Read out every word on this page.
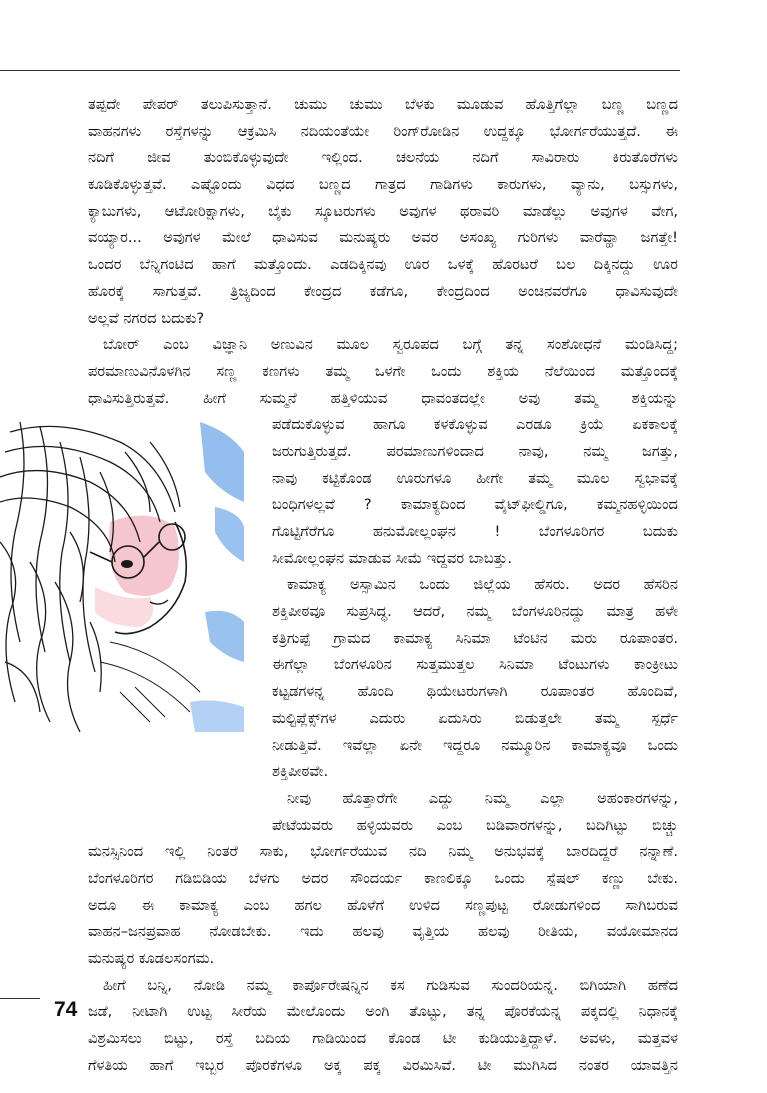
ತಪ್ಪದೇ ಪೇಪರ್ ತಲುಪಿಸುತ್ತಾನೆ. ಚುಮು ಚುಮು ಬೆಳಕು ಮೂಡುವ ಹೊತ್ತಿಗೆಲ್ಲಾ ಬಣ್ಣ ಬಣ್ಣದ
ವಾಹನಗಳು ರಸ್ತೆಗಳನ್ನು ಆಕ್ರಮಿಸಿ ನದಿಯಂತೆಯೇ ರಿಂಗ್‌ರೋಡಿನ ಉದ್ದಕ್ಕೂ ಭೋರ್ಗರೆಯುತ್ತದೆ. ಈ
ನದಿಗೆ ಜೀವ ತುಂಬಿಕೊಳ್ಳುವುದೇ ಇಲ್ಲಿಂದ. ಚಲನೆಯ ನದಿಗೆ ಸಾವಿರಾರು ಕಿರುತೊರೆಗಳು
ಕೂಡಿಕೊಳ್ಳುತ್ತವೆ. ಎಷ್ಟೊಂದು ವಿಧದ ಬಣ್ಣದ ಗಾತ್ರದ ಗಾಡಿಗಳು ಕಾರುಗಳು, ವ್ಯಾನು, ಬಸ್ಸುಗಳು,
ಕ್ಯಾಬುಗಳು, ಆಟೋರಿಕ್ಷಾಗಳು, ಬೈಕು ಸ್ಕೂಟರುಗಳು ಅವುಗಳ ಥರಾವರಿ ಮಾಡೆಲ್ಲು ಅವುಗಳ ವೇಗ,
ವಯ್ಯಾರ... ಅವುಗಳ ಮೇಲೆ ಧಾವಿಸುವ ಮನುಷ್ಯರು ಅವರ ಅಸಂಖ್ಯ ಗುರಿಗಳು ವಾರೆವ್ಹಾ ಜಗತ್ತೇ!
ಒಂದರ ಬೆನ್ನಿಗಂಟಿದ ಹಾಗೆ ಮತ್ತೊಂದು. ಎಡದಿಕ್ಕಿನವು ಊರ ಒಳಕ್ಕೆ ಹೊರಟರೆ ಬಲ ದಿಕ್ಕಿನದ್ದು ಊರ
ಹೊರಕ್ಕೆ ಸಾಗುತ್ತವೆ. ತ್ರಿಜ್ಯದಿಂದ ಕೇಂದ್ರದ ಕಡೆಗೂ, ಕೇಂದ್ರದಿಂದ ಅಂಚಿನವರೆಗೂ ಧಾವಿಸುವುದೇ
ಅಲ್ಲವೆ ನಗರದ ಬದುಕು?
ಬೋರ್ ಎಂಬ ವಿಜ್ಞಾನಿ ಅಣುವಿನ ಮೂಲ ಸ್ವರೂಪದ ಬಗ್ಗೆ ತನ್ನ ಸಂಶೋಧನೆ ಮಂಡಿಸಿದ್ದ;
ಪರಮಾಣುವಿನೊಳಗಿನ ಸಣ್ಣ ಕಣಗಳು ತಮ್ಮ ಒಳಗೇ ಒಂದು ಶಕ್ತಿಯ ನೆಲೆಯಿಂದ ಮತ್ತೊಂದಕ್ಕೆ
ಧಾವಿಸುತ್ತಿರುತ್ತವೆ. ಹೀಗೆ ಸುಮ್ಮನೆ ಹತ್ತಿಳಿಯುವ ಧಾವಂತದಲ್ಲೇ ಅವು ತಮ್ಮ ಶಕ್ತಿಯನ್ನು
ಪಡೆದುಕೊಳ್ಳುವ ಹಾಗೂ ಕಳಕೊಳ್ಳುವ ಎರಡೂ ಕ್ರಿಯೆ ಏಕಕಾಲಕ್ಕೆ
ಜರುಗುತ್ತಿರುತ್ತದೆ. ಪರಮಾಣುಗಳಿಂದಾದ ನಾವು, ನಮ್ಮ ಜಗತ್ತು,
ನಾವು ಕಟ್ಟಿಕೊಂಡ ಊರುಗಳೂ ಹೀಗೇ ತಮ್ಮ ಮೂಲ ಸ್ವಭಾವಕ್ಕೆ
ಬಂಧಿಗಳಲ್ಲವೆ ? ಕಾಮಾಕ್ಯದಿಂದ ವೈಟ್‌ಫೀಲ್ಡಿಗೂ, ಕಮ್ಮನಹಳ್ಳಿಯಿಂದ
ಗೊಟ್ಟಿಗೆರೆಗೂ ಹನುಮೋಲ್ಲಂಘನ ! ಬೆಂಗಳೂರಿಗರ ಬದುಕು
ಸೀಮೋಲ್ಲಂಘನ ಮಾಡುವ ಸೀಮೆ ಇದ್ದವರ ಬಾಬತ್ತು.
ಕಾಮಾಕ್ಯ ಅಸ್ಸಾಮಿನ ಒಂದು ಜಿಲ್ಲೆಯ ಹೆಸರು. ಅದರ ಹೆಸರಿನ
ಶಕ್ತಿಪೀಠವೂ ಸುಪ್ರಸಿದ್ಧ. ಆದರೆ, ನಮ್ಮ ಬೆಂಗಳೂರಿನದ್ದು ಮಾತ್ರ ಹಳೇ
ಕತ್ರಿಗುಪ್ಪೆ ಗ್ರಾಮದ ಕಾಮಾಕ್ಯ ಸಿನಿಮಾ ಟೆಂಟಿನ ಮರು ರೂಪಾಂತರ.
ಈಗೆಲ್ಲಾ ಬೆಂಗಳೂರಿನ ಸುತ್ತಮುತ್ತಲ ಸಿನಿಮಾ ಟೆಂಟುಗಳು ಕಾಂಕ್ರೀಟು
ಕಟ್ಟಡಗಳನ್ನ ಹೊಂದಿ ಥಿಯೇಟರುಗಳಾಗಿ ರೂಪಾಂತರ ಹೊಂದಿವೆ,
ಮಲ್ಟಿಪ್ಲೆಕ್ಸ್‌ಗಳ ಎದುರು ಏದುಸಿರು ಬಿಡುತ್ತಲೇ ತಮ್ಮ ಸ್ಪರ್ಧೆ
ನೀಡುತ್ತಿವೆ. ಇವೆಲ್ಲಾ ಏನೇ ಇದ್ದರೂ ನಮ್ಮೂರಿನ ಕಾಮಾಕ್ಯವೂ ಒಂದು
ಶಕ್ತಿಪೀಠವೇ.
ನೀವು ಹೊತ್ತಾರೆಗೇ ಎದ್ದು ನಿಮ್ಮ ಎಲ್ಲಾ ಅಹಂಕಾರಗಳನ್ನು,
ಪೇಟೆಯವರು ಹಳ್ಳಿಯವರು ಎಂಬ ಬಡಿವಾರಗಳನ್ನು, ಬದಿಗಿಟ್ಟು ಬಿಚ್ಚು
ಮನಸ್ಸಿನಿಂದ ಇಲ್ಲಿ ನಿಂತರೆ ಸಾಕು, ಭೋರ್ಗರೆಯುವ ನದಿ ನಿಮ್ಮ ಅನುಭವಕ್ಕೆ ಬಾರದಿದ್ದರೆ ನನ್ನಾಣೆ.
ಬೆಂಗಳೂರಿಗರ ಗಡಿಬಿಡಿಯ ಬೆಳಗು ಅದರ ಸೌಂದರ್ಯ ಕಾಣಲಿಕ್ಕೂ ಒಂದು ಸ್ಪೆಷಲ್ ಕಣ್ಣು ಬೇಕು.
ಅದೂ ಈ ಕಾಮಾಕ್ಯ ಎಂಬ ಹಗಲ ಹೊಳೆಗೆ ಉಳಿದ ಸಣ್ಣಪುಟ್ಟ ರೋಡುಗಳಿಂದ ಸಾಗಿಬರುವ
ವಾಹನ–ಜನಪ್ರವಾಹ ನೋಡಬೇಕು. ಇದು ಹಲವು ವೃತ್ತಿಯ ಹಲವು ರೀತಿಯ, ವಯೋಮಾನದ
ಮನುಷ್ಯರ ಕೂಡಲಸಂಗಮ.
ಹೀಗೆ ಬನ್ನಿ, ನೋಡಿ ನಮ್ಮ ಕಾರ್ಪೊರೇಷನ್ನಿನ ಕಸ ಗುಡಿಸುವ ಸುಂದರಿಯನ್ನ. ಬಿಗಿಯಾಗಿ ಹಣೆದ
ಜಡೆ, ನೀಟಾಗಿ ಉಟ್ಟ ಸೀರೆಯ ಮೇಲೊಂದು ಅಂಗಿ ತೊಟ್ಟು, ತನ್ನ ಪೊರಕೆಯನ್ನ ಪಕ್ಕದಲ್ಲಿ ನಿಧಾನಕ್ಕೆ
ವಿಶ್ರಮಿಸಲು ಬಿಟ್ಟು, ರಸ್ತೆ ಬದಿಯ ಗಾಡಿಯಿಂದ ಕೊಂಡ ಟೀ ಕುಡಿಯುತ್ತಿದ್ದಾಳೆ. ಅವಳು, ಮತ್ತವಳ
ಗೆಳತಿಯ ಹಾಗೆ ಇಬ್ಬರ ಪೊರಕೆಗಳೂ ಅಕ್ಕ ಪಕ್ಕ ವಿರಮಿಸಿವೆ. ಟೀ ಮುಗಿಸಿದ ನಂತರ ಯಾವತ್ತಿನ
74
